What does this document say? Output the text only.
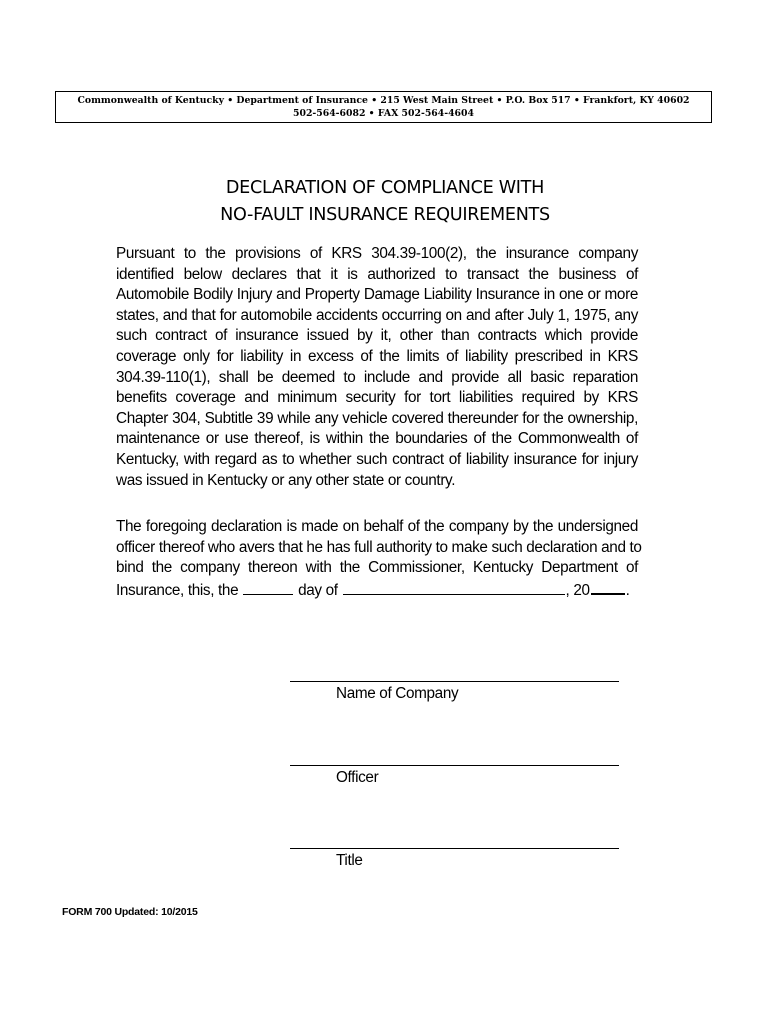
Commonwealth of Kentucky • Department of Insurance • 215 West Main Street • P.O. Box 517 • Frankfort, KY 40602
502-564-6082 • FAX 502-564-4604
DECLARATION OF COMPLIANCE WITH
NO-FAULT INSURANCE REQUIREMENTS
Pursuant to the provisions of KRS 304.39-100(2), the insurance company
identified below declares that it is authorized to transact the business of
Automobile Bodily Injury and Property Damage Liability Insurance in one or more
states, and that for automobile accidents occurring on and after July 1, 1975, any
such contract of insurance issued by it, other than contracts which provide
coverage only for liability in excess of the limits of liability prescribed in KRS
304.39-110(1), shall be deemed to include and provide all basic reparation
benefits coverage and minimum security for tort liabilities required by KRS
Chapter 304, Subtitle 39 while any vehicle covered thereunder for the ownership,
maintenance or use thereof, is within the boundaries of the Commonwealth of
Kentucky, with regard as to whether such contract of liability insurance for injury
was issued in Kentucky or any other state or country.
The foregoing declaration is made on behalf of the company by the undersigned
officer thereof who avers that he has full authority to make such declaration and to
bind the company thereon with the Commissioner, Kentucky Department of
Insurance, this, the	day of	, 20 .
Name of Company
Officer
Title
FORM 700 Updated: 10/2015
